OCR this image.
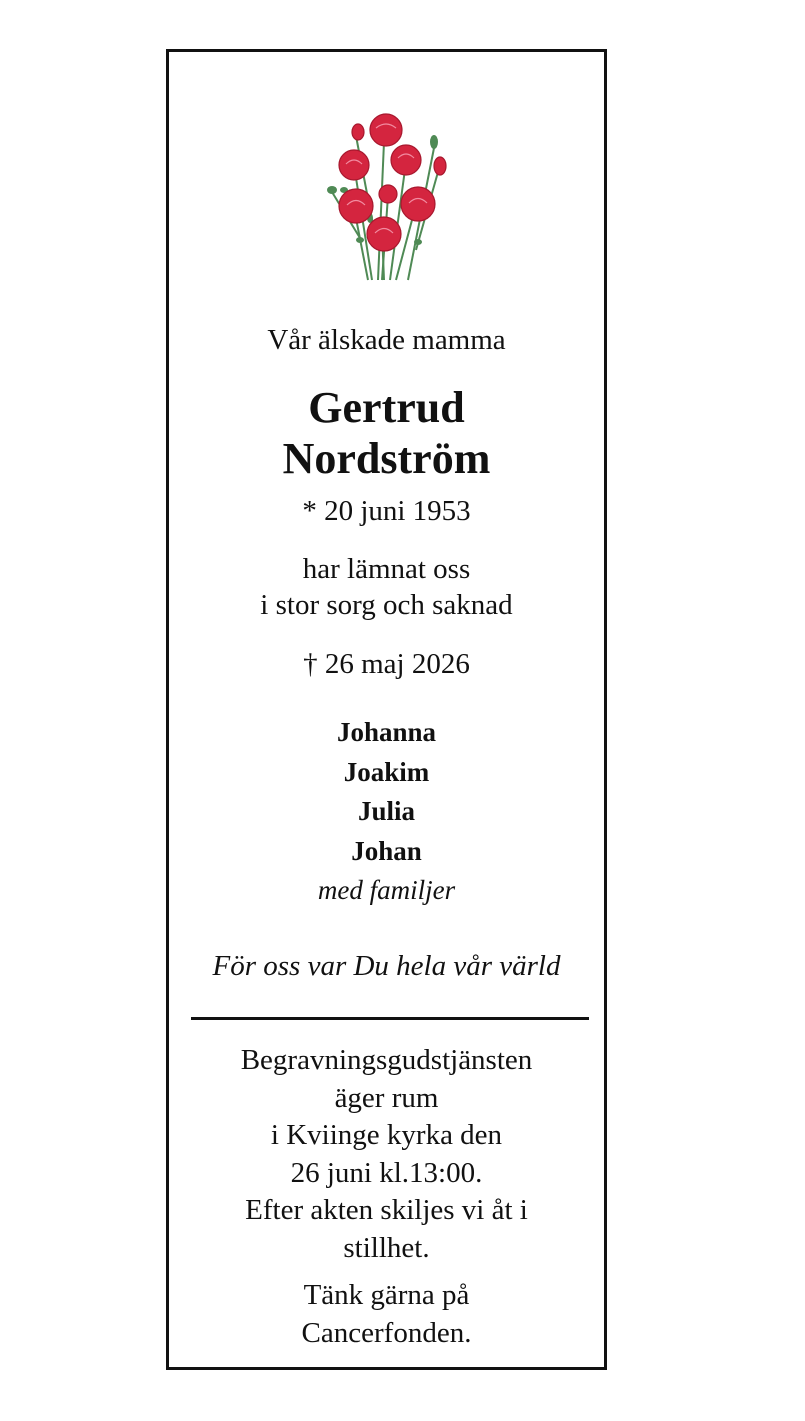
Vår älskade mamma

Gertrud
Nordström

* 20 juni 1953

har lämnat oss
i stor sorg och saknad

† 26 maj 2026

Johanna
Joakim
Julia
Johan
med familjer

För oss var Du hela vår värld

Begravningsgudstjänsten
äger rum
i Kviinge kyrka den
26 juni kl.13:00.
Efter akten skiljes vi åt i
stillhet.
Tänk gärna på
Cancerfonden.
